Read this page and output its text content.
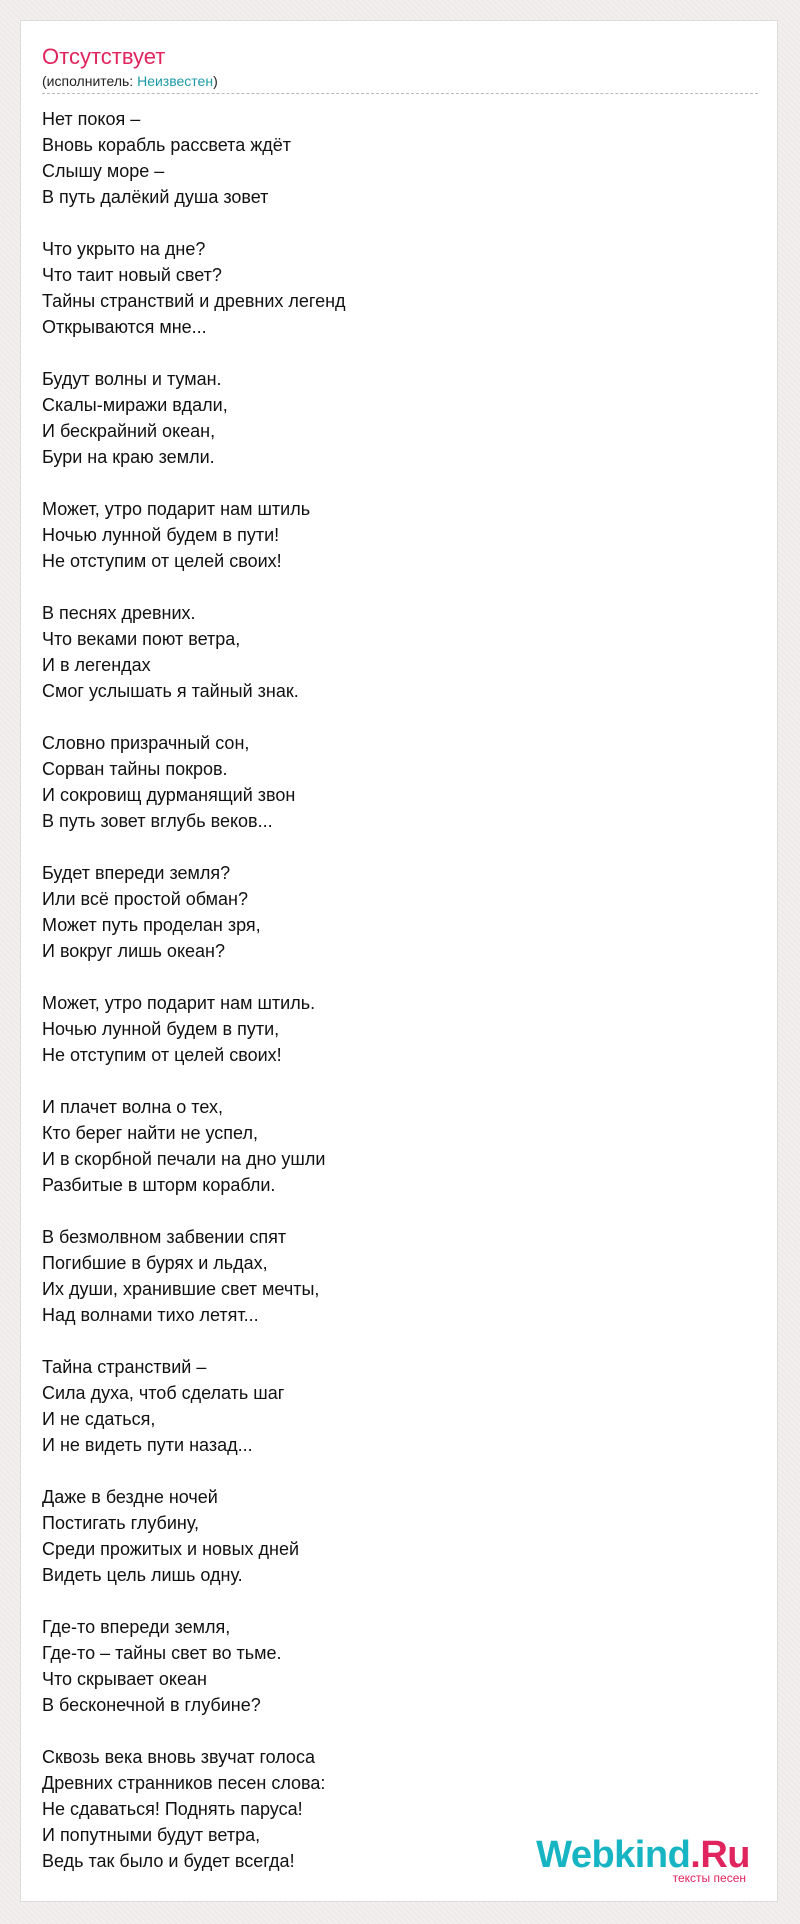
Отсутствует
(исполнитель: Неизвестен)
Нет покоя –
Вновь корабль рассвета ждёт
Слышу море –
В путь далёкий душа зовет
Что укрыто на дне?
Что таит новый свет?
Тайны странствий и древних легенд
Открываются мне...
Будут волны и туман.
Скалы-миражи вдали,
И бескрайний океан,
Бури на краю земли.
Может, утро подарит нам штиль
Ночью лунной будем в пути!
Не отступим от целей своих!
В песнях древних.
Что веками поют ветра,
И в легендах
Смог услышать я тайный знак.
Словно призрачный сон,
Сорван тайны покров.
И сокровищ дурманящий звон
В путь зовет вглубь веков...
Будет впереди земля?
Или всё простой обман?
Может путь проделан зря,
И вокруг лишь океан?
Может, утро подарит нам штиль.
Ночью лунной будем в пути,
Не отступим от целей своих!
И плачет волна о тех,
Кто берег найти не успел,
И в скорбной печали на дно ушли
Разбитые в шторм корабли.
В безмолвном забвении спят
Погибшие в бурях и льдах,
Их души, хранившие свет мечты,
Над волнами тихо летят...
Тайна странствий –
Сила духа, чтоб сделать шаг
И не сдаться,
И не видеть пути назад...
Даже в бездне ночей
Постигать глубину,
Среди прожитых и новых дней
Видеть цель лишь одну.
Где-то впереди земля,
Где-то – тайны свет во тьме.
Что скрывает океан
В бесконечной в глубине?
Сквозь века вновь звучат голоса
Древних странников песен слова:
Не сдаваться! Поднять паруса!
И попутными будут ветра,
Ведь так было и будет всегда!	Webkind.Ru
тексты песен
